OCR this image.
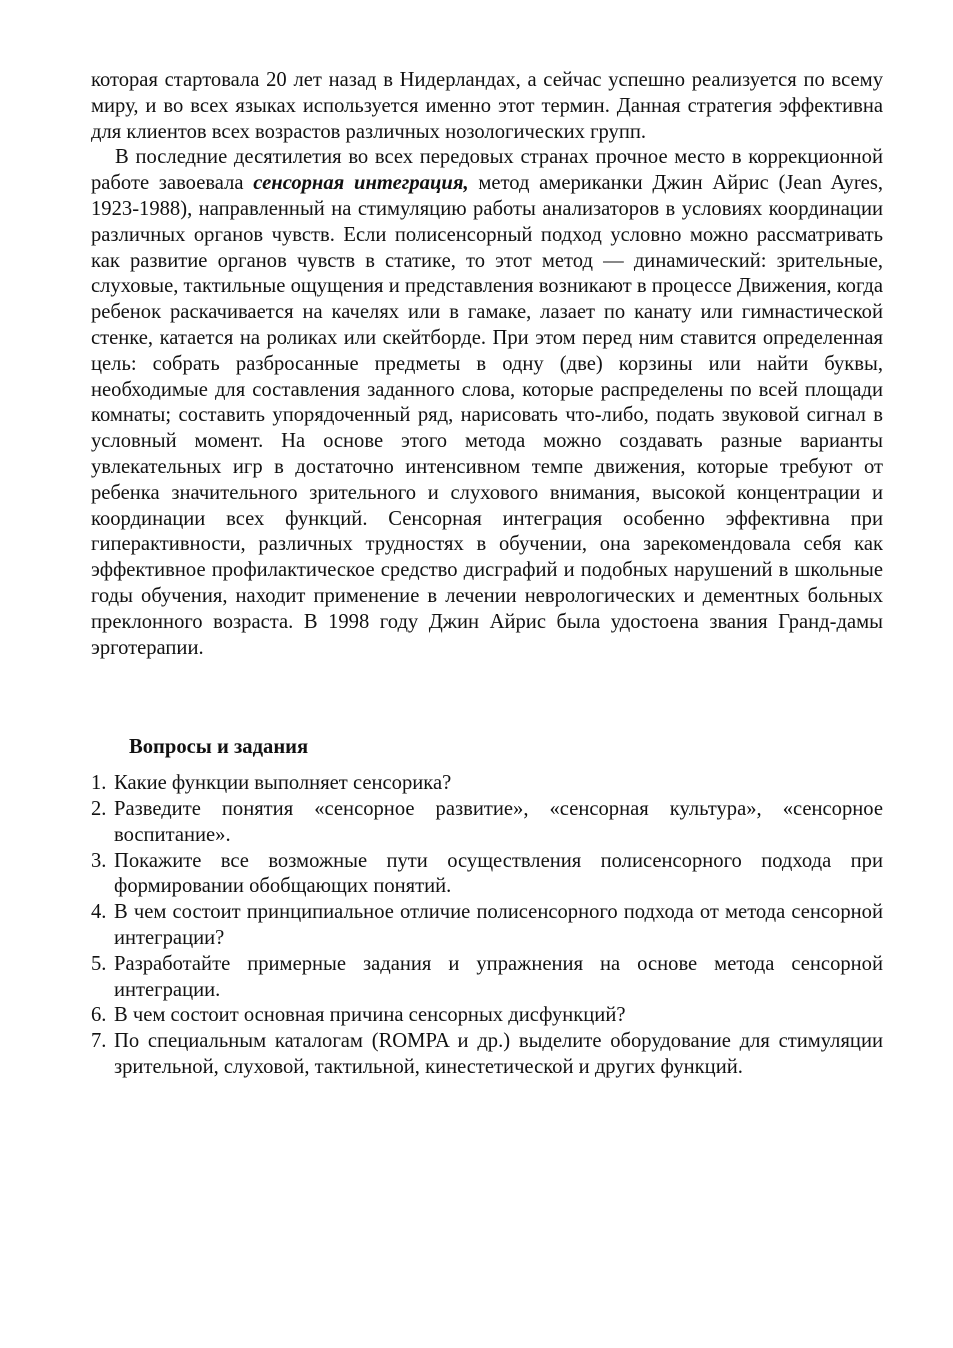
которая стартовала 20 лет назад в Нидерландах, а сейчас успешно реализуется по всему миру, и во всех языках используется именно этот термин. Данная стратегия эффективна для клиентов всех возрастов различных нозологических групп.

В последние десятилетия во всех передовых странах прочное место в коррекционной работе завоевала сенсорная интеграция, метод американки Джин Айрис (Jean Ayres, 1923-1988), направленный на стимуляцию работы анализаторов в условиях координации различных органов чувств. Если полисенсорный подход условно можно рассматривать как развитие органов чувств в статике, то этот метод — динамический: зрительные, слуховые, тактильные ощущения и представления возникают в процессе Движения, когда ребенок раскачивается на качелях или в гамаке, лазает по канату или гимнастической стенке, катается на роликах или скейтборде. При этом перед ним ставится определенная цель: собрать разбросанные предметы в одну (две) корзины или найти буквы, необходимые для составления заданного слова, которые распределены по всей площади комнаты; составить упорядоченный ряд, нарисовать что-либо, подать звуковой сигнал в условный момент. На основе этого метода можно создавать разные варианты увлекательных игр в достаточно интенсивном темпе движения, которые требуют от ребенка значительного зрительного и слухового внимания, высокой концентрации и координации всех функций. Сенсорная интеграция особенно эффективна при гиперактивности, различных трудностях в обучении, она зарекомендовала себя как эффективное профилактическое средство дисграфий и подобных нарушений в школьные годы обучения, находит применение в лечении неврологических и дементных больных преклонного возраста. В 1998 году Джин Айрис была удостоена звания Гранд-дамы эрготерапии.

Вопросы и задания
1. Какие функции выполняет сенсорика?
2. Разведите понятия «сенсорное развитие», «сенсорная культура», «сенсорное воспитание».
3. Покажите все возможные пути осуществления полисенсорного подхода при формировании обобщающих понятий.
4. В чем состоит принципиальное отличие полисенсорного подхода от метода сенсорной интеграции?
5. Разработайте примерные задания и упражнения на основе метода сенсорной интеграции.
6. В чем состоит основная причина сенсорных дисфункций?
7. По специальным каталогам (ROMPA и др.) выделите оборудование для стимуляции зрительной, слуховой, тактильной, кинестетической и других функций.
